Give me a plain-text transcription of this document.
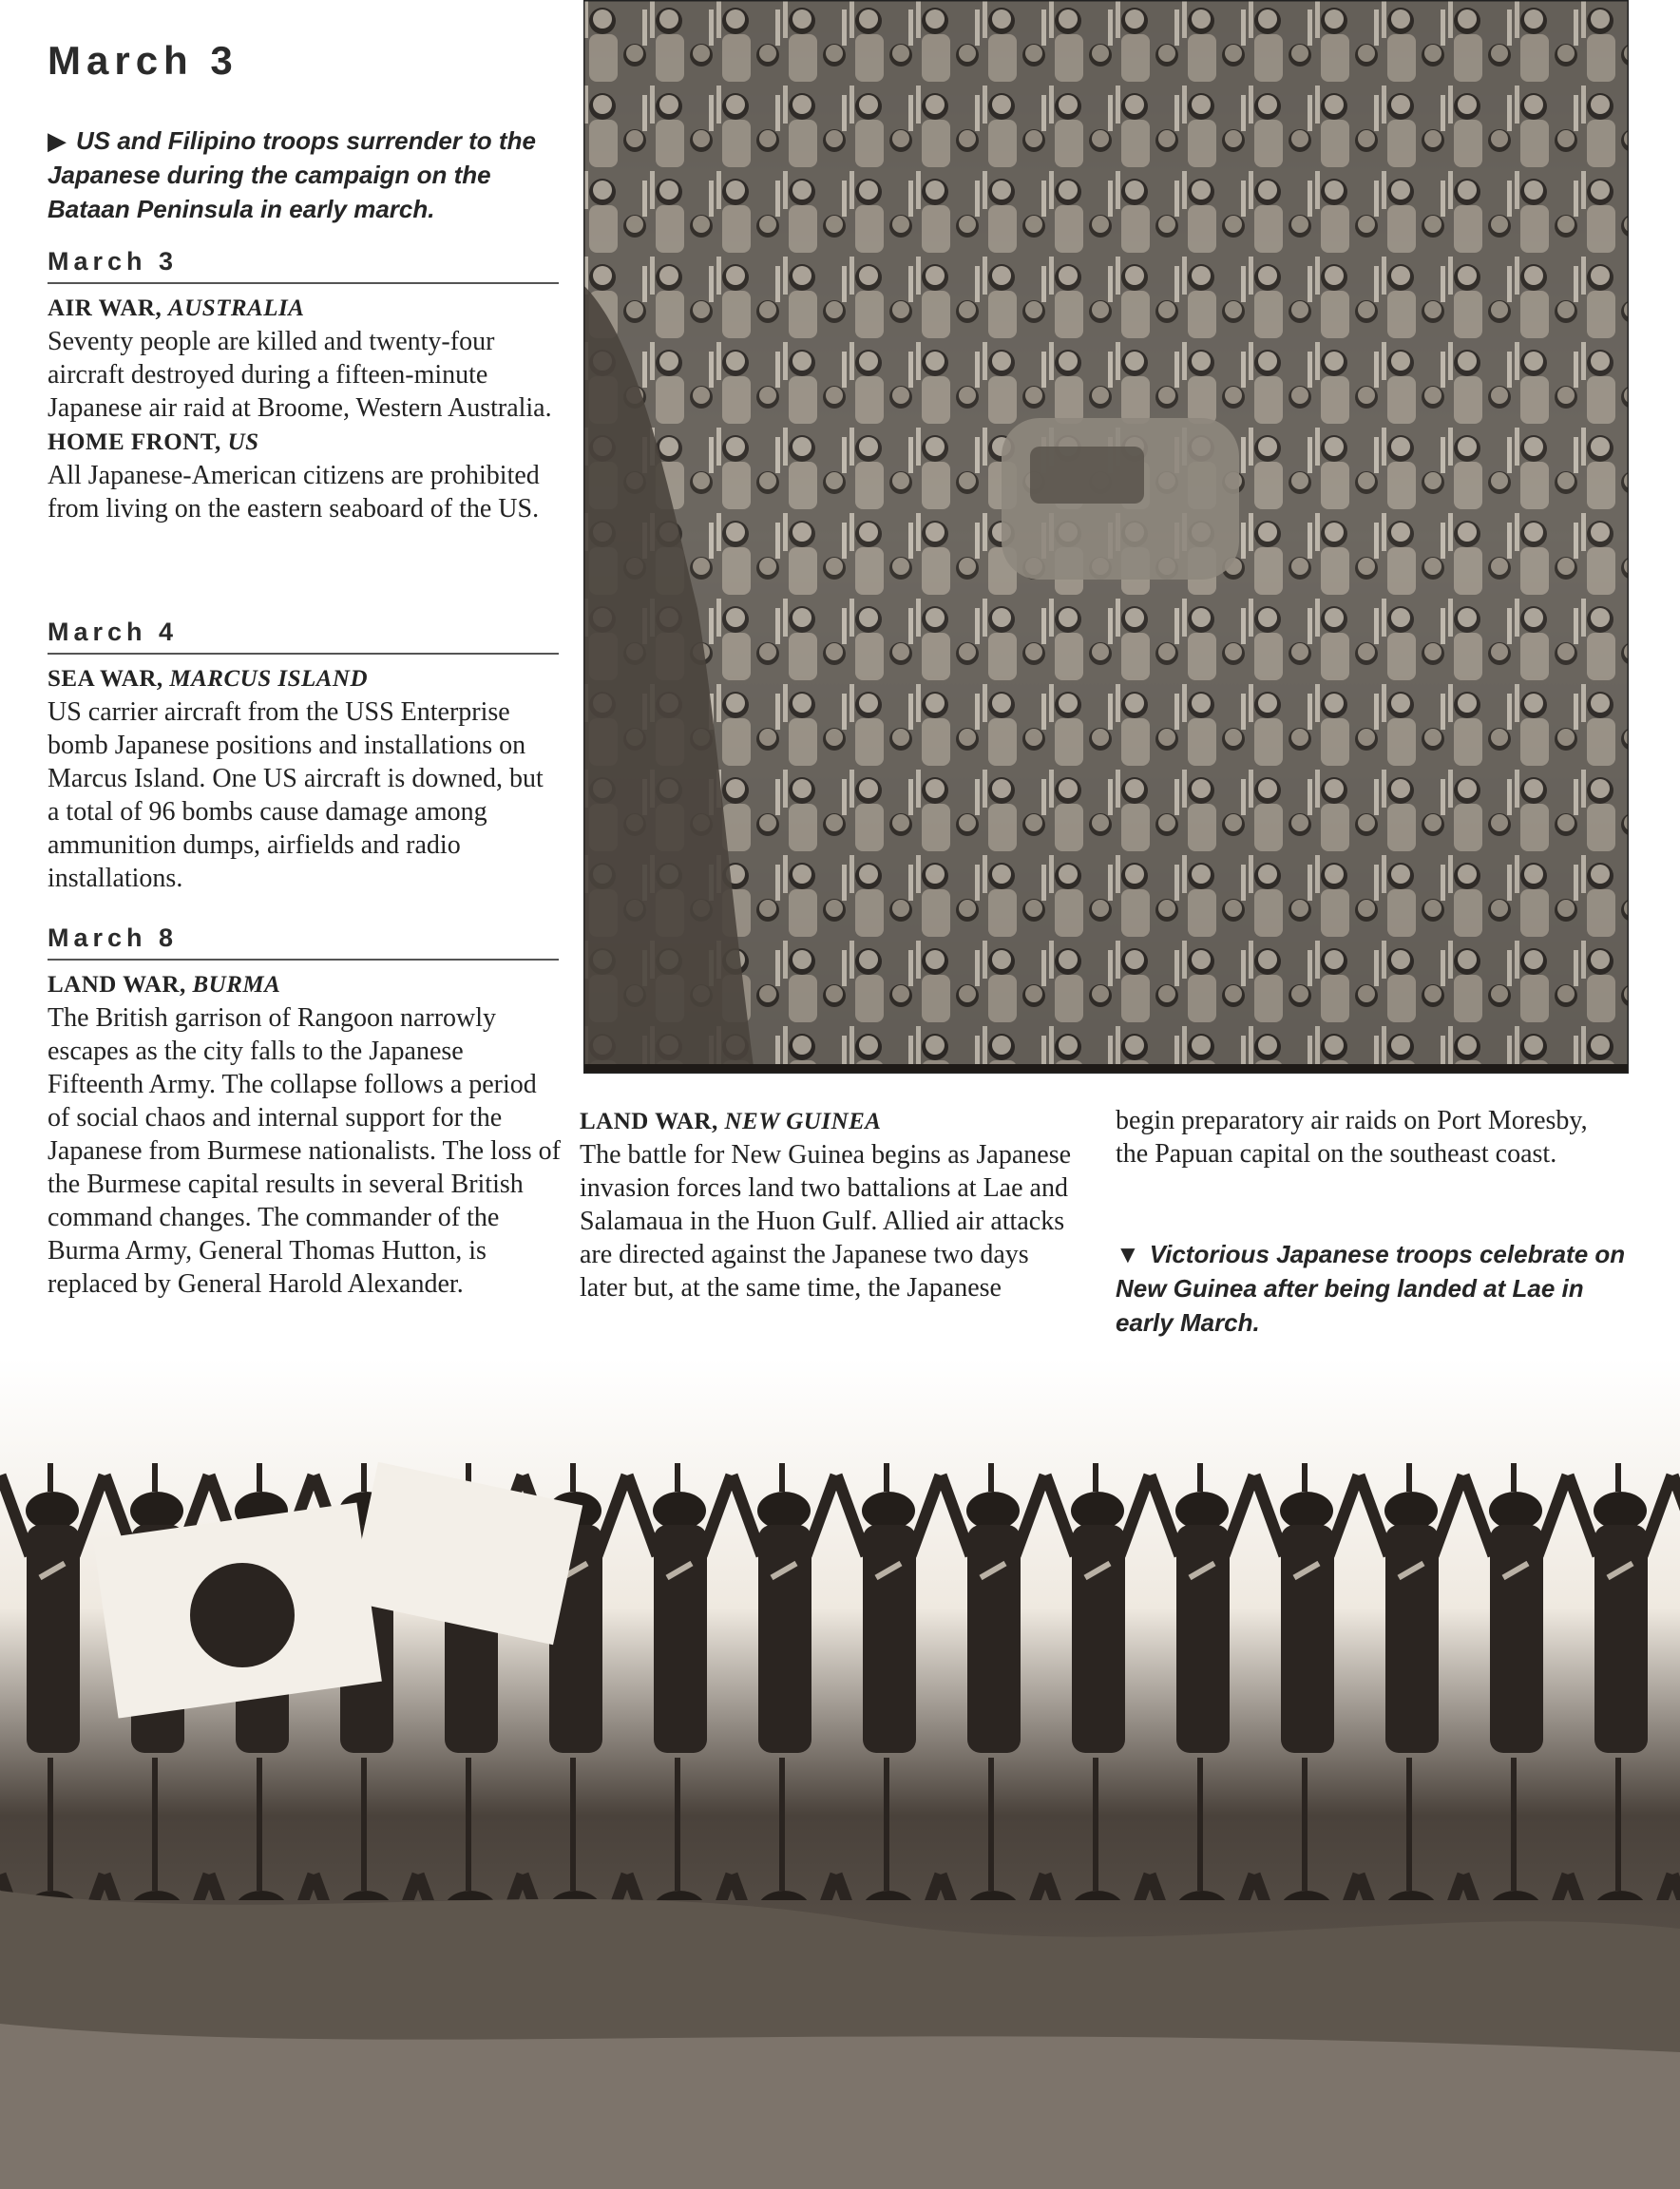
March 3
▶ US and Filipino troops surrender to the Japanese during the campaign on the Bataan Peninsula in early march.
March 3
AIR WAR, AUSTRALIA
Seventy people are killed and twenty-four aircraft destroyed during a fifteen-minute Japanese air raid at Broome, Western Australia.
HOME FRONT, US
All Japanese-American citizens are prohibited from living on the eastern seaboard of the US.
March 4
SEA WAR, MARCUS ISLAND
US carrier aircraft from the USS Enterprise bomb Japanese positions and installations on Marcus Island. One US aircraft is downed, but a total of 96 bombs cause damage among ammunition dumps, airfields and radio installations.
March 8
LAND WAR, BURMA
The British garrison of Rangoon narrowly escapes as the city falls to the Japanese Fifteenth Army. The collapse follows a period of social chaos and internal support for the Japanese from Burmese nationalists. The loss of the Burmese capital results in several British command changes. The commander of the Burma Army, General Thomas Hutton, is replaced by General Harold Alexander.
LAND WAR, NEW GUINEA
The battle for New Guinea begins as Japanese invasion forces land two battalions at Lae and Salamaua in the Huon Gulf. Allied air attacks are directed against the Japanese two days later but, at the same time, the Japanese
begin preparatory air raids on Port Moresby, the Papuan capital on the southeast coast.
▼ Victorious Japanese troops celebrate on New Guinea after being landed at Lae in early March.
